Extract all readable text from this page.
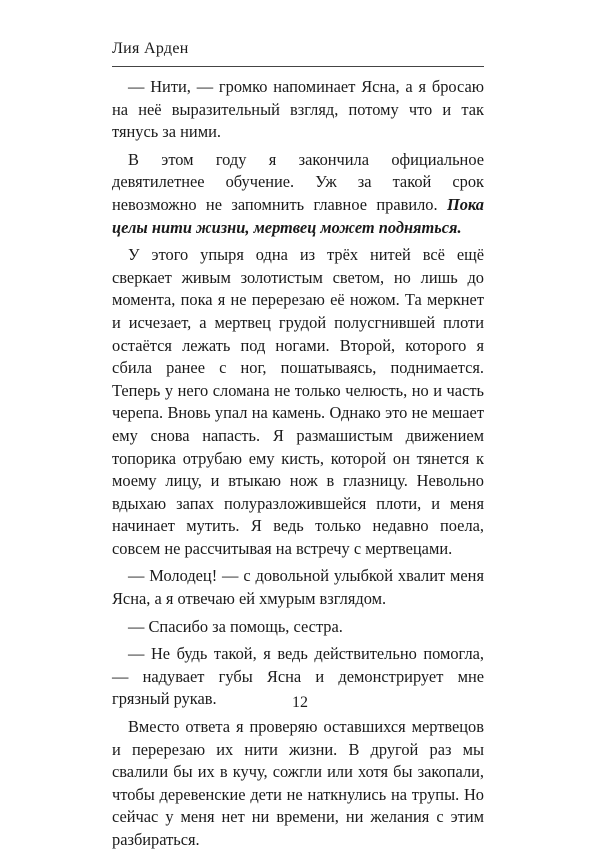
Лия Арден

— Нити, — громко напоминает Ясна, а я бросаю на неё выразительный взгляд, потому что и так тянусь за ними.

В этом году я закончила официальное девятилетнее обучение. Уж за такой срок невозможно не запомнить главное правило. Пока целы нити жизни, мертвец может подняться.

У этого упыря одна из трёх нитей всё ещё сверкает живым золотистым светом, но лишь до момента, пока я не перерезаю её ножом. Та меркнет и исчезает, а мертвец грудой полусгнившей плоти остаётся лежать под ногами. Второй, которого я сбила ранее с ног, пошатываясь, поднимается. Теперь у него сломана не только челюсть, но и часть черепа. Вновь упал на камень. Однако это не мешает ему снова напасть. Я размашистым движением топорика отрубаю ему кисть, которой он тянется к моему лицу, и втыкаю нож в глазницу. Невольно вдыхаю запах полуразложившейся плоти, и меня начинает мутить. Я ведь только недавно поела, совсем не рассчитывая на встречу с мертвецами.

— Молодец! — с довольной улыбкой хвалит меня Ясна, а я отвечаю ей хмурым взглядом.

— Спасибо за помощь, сестра.

— Не будь такой, я ведь действительно помогла, — надувает губы Ясна и демонстрирует мне грязный рукав.

Вместо ответа я проверяю оставшихся мертвецов и перерезаю их нити жизни. В другой раз мы свалили бы их в кучу, сожгли или хотя бы закопали, чтобы деревенские дети не наткнулись на трупы. Но сейчас у меня нет ни времени, ни желания с этим разбираться.

12
